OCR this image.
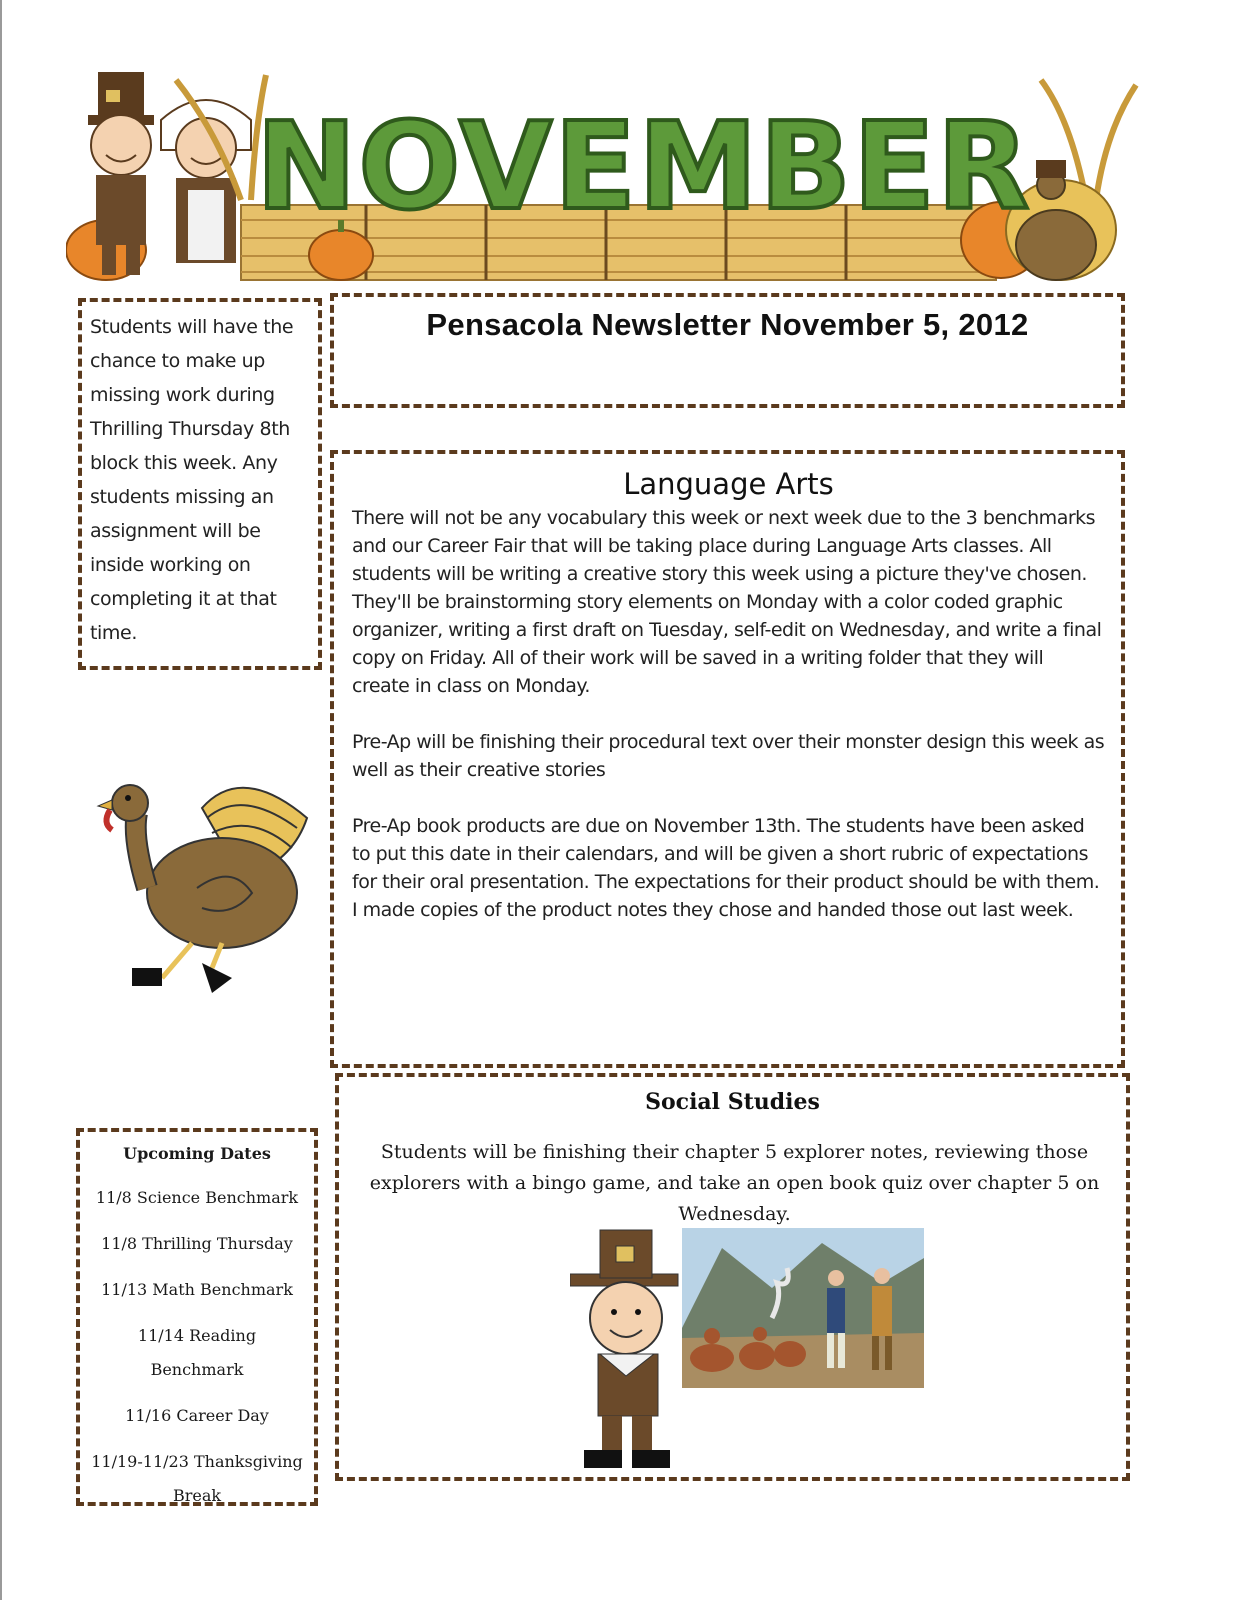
NOVEMBER

Students will have the chance to make up missing work during Thrilling Thursday 8th block this week. Any students missing an assignment will be inside working on completing it at that time.

Pensacola Newsletter November 5, 2012
Language Arts

There will not be any vocabulary this week or next week due to the 3 benchmarks and our Career Fair that will be taking place during Language Arts classes. All students will be writing a creative story this week using a picture they've chosen. They'll be brainstorming story elements on Monday with a color coded graphic organizer, writing a first draft on Tuesday, self-edit on Wednesday, and write a final copy on Friday. All of their work will be saved in a writing folder that they will create in class on Monday.

Pre-Ap will be finishing their procedural text over their monster design this week as well as their creative stories

Pre-Ap book products are due on November 13th. The students have been asked to put this date in their calendars, and will be given a short rubric of expectations for their oral presentation. The expectations for their product should be with them. I made copies of the product notes they chose and handed those out last week.

Social Studies

Students will be finishing their chapter 5 explorer notes, reviewing those explorers with a bingo game, and take an open book quiz over chapter 5 on Wednesday.

Upcoming Dates
11/8 Science Benchmark
11/8 Thrilling Thursday
11/13 Math Benchmark
11/14 Reading Benchmark
11/16 Career Day
11/19-11/23 Thanksgiving Break
